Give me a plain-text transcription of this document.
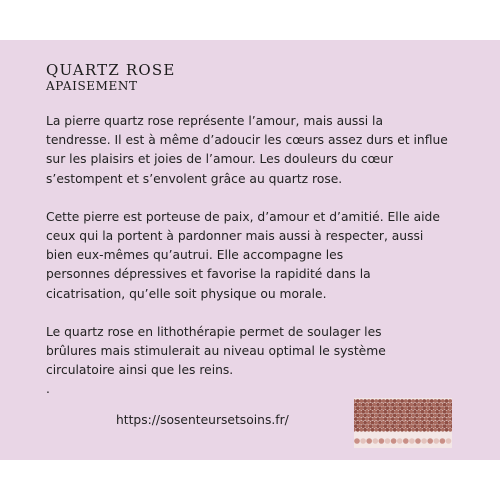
QUARTZ ROSE
APAISEMENT

La pierre quartz rose représente l’amour, mais aussi la
tendresse. Il est à même d’adoucir les cœurs assez durs et influe
sur les plaisirs et joies de l’amour. Les douleurs du cœur
s’estompent et s’envolent grâce au quartz rose.

Cette pierre est porteuse de paix, d’amour et d’amitié. Elle aide
ceux qui la portent à pardonner mais aussi à respecter, aussi
bien eux-mêmes qu’autrui. Elle accompagne les
personnes dépressives et favorise la rapidité dans la
cicatrisation, qu’elle soit physique ou morale.

Le quartz rose en lithothérapie permet de soulager les
brûlures mais stimulerait au niveau optimal le système
circulatoire ainsi que les reins.

.
https://sosenteursetsoins.fr/
